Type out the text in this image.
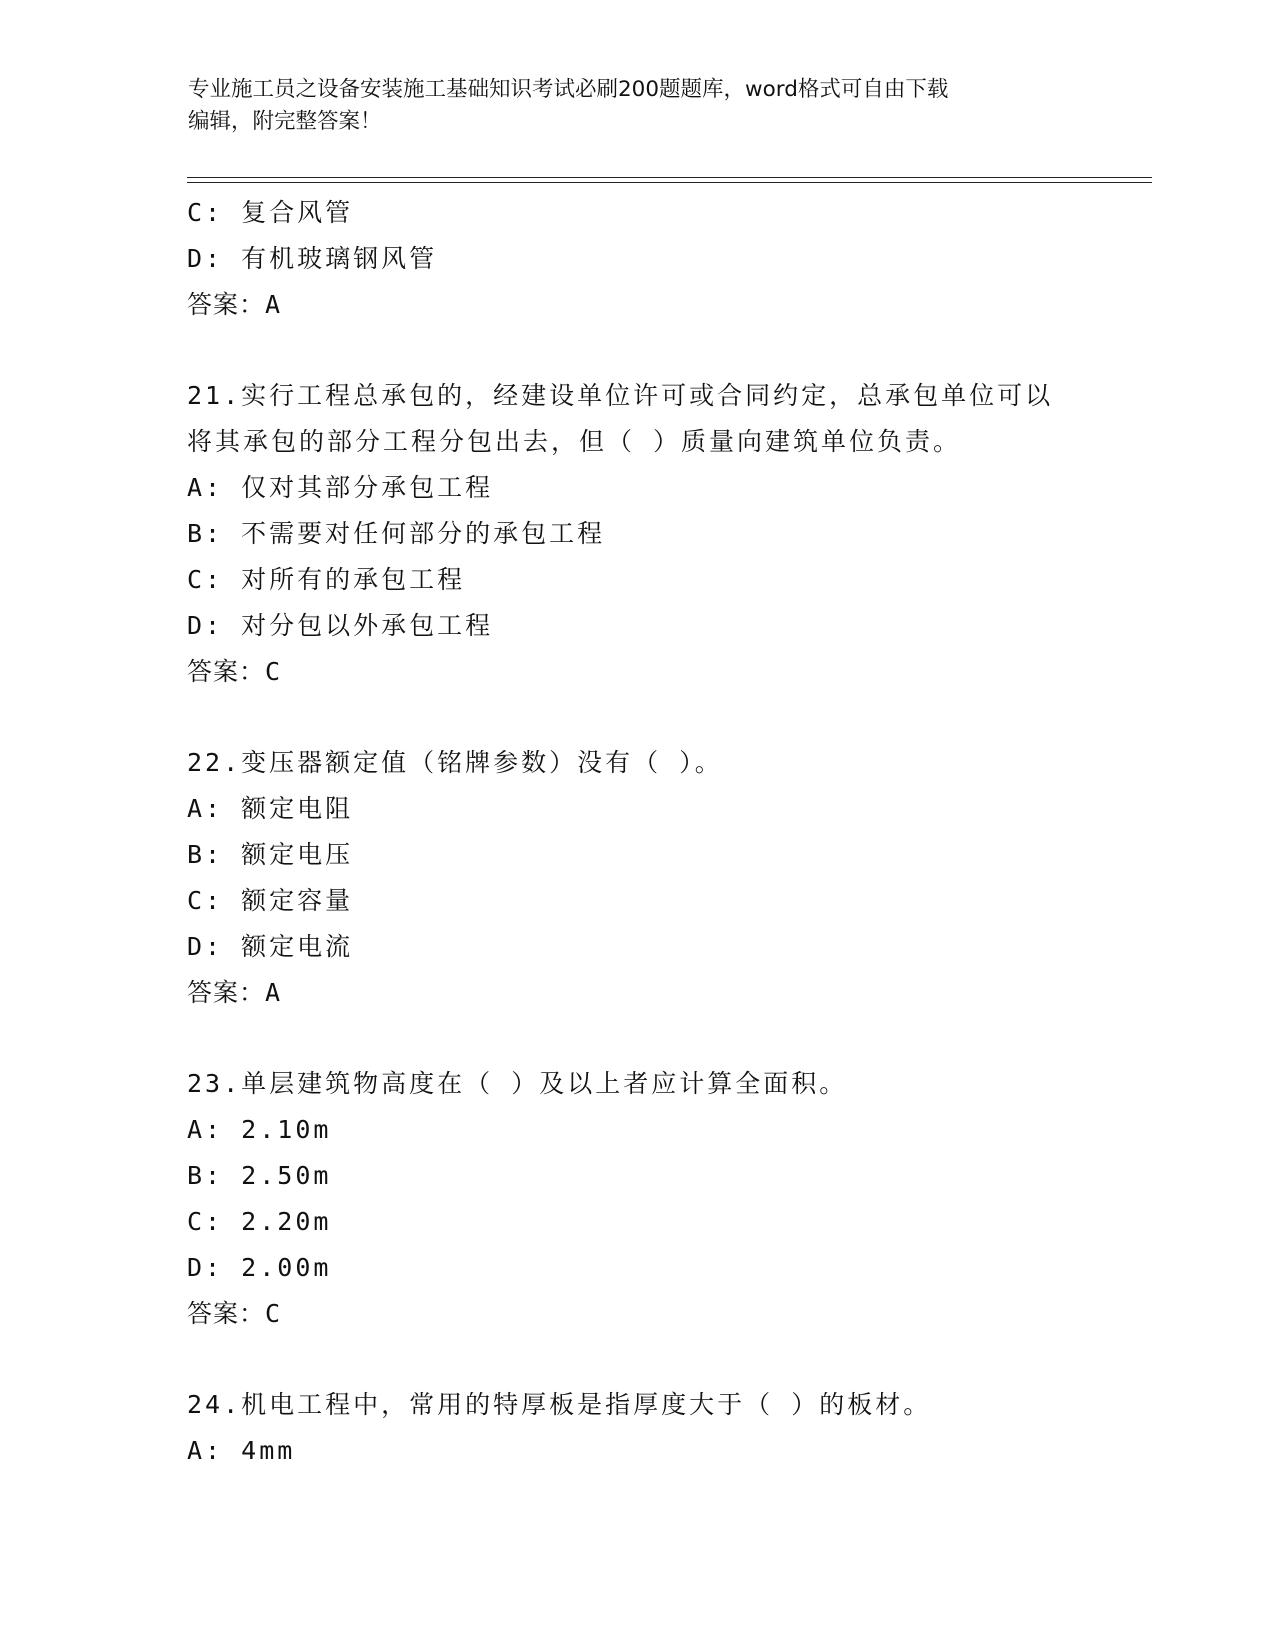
专业施工员之设备安装施工基础知识考试必刷200题题库，word格式可自由下载
编辑，附完整答案！
C: 复合风管
D: 有机玻璃钢风管
答案：A
21.实行工程总承包的，经建设单位许可或合同约定，总承包单位可以
将其承包的部分工程分包出去，但（ ）质量向建筑单位负责。
A: 仅对其部分承包工程
B: 不需要对任何部分的承包工程
C: 对所有的承包工程
D: 对分包以外承包工程
答案：C
22.变压器额定值（铭牌参数）没有（ ）。
A: 额定电阻
B: 额定电压
C: 额定容量
D: 额定电流
答案：A
23.单层建筑物高度在（ ）及以上者应计算全面积。
A: 2.10m
B: 2.50m
C: 2.20m
D: 2.00m
答案：C
24.机电工程中，常用的特厚板是指厚度大于（ ）的板材。
A: 4mm
